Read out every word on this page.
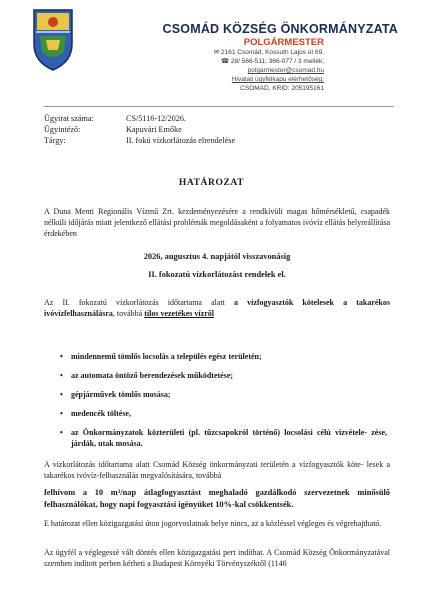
CSOMÁD KÖZSÉG ÖNKORMÁNYZATA
POLGÁRMESTER
✉ 2161 Csomád, Kossuth Lajos út 69.
☎ 28/ 566-511; 366-077 / 3 mellék;
polgarmester@csomad.hu
Hivatali ügyfélkapu elérhetőség:
CSOMAD, KRID: 205195161
Ügyirat száma:	CS/5116-12/2026.
Ügyintéző:	Kapuvári Emőke
Tárgy:	II. fokú vízkorlátozás elrendelése
HATÁROZAT
A Duna Menti Regionális Vízmű Zrt. kezdeményezésére a rendkívüli magas hőmérsékletű, csapadék nélküli időjárás miatt jelentkező ellátási problémák megoldásaként a folyamatos ivóvíz ellátás helyreállítása érdekében
2026, augusztus 4. napjától visszavonásig
II. fokozatú vízkorlátozást rendelek el.
Az II. fokozatú vízkorlátozás időtartama alatt a vízfogyasztók kötelesek a takarékos ivóvízfelhasználásra, továbbá tilos vezetékes vízről
• mindennemű tömlős locsolás a település egész területén;
• az automata öntöző berendezések működtetése;
• gépjárművek tömlős mosása;
• medencék töltése,
• az Önkormányzatok közterületi (pl. tűzcsapokról történő) locsolási célú vízvétele- zése, járdák, utak mosása.
A vízkorlátozás időtartama alatt Csomád Község önkormányzati területén a vízfogyasztók köte- lesek a takarékos ivóvíz-felhasználás megvalósítására, továbbá
felhívom a 10 m³/nap átlagfogyasztást meghaladó gazdálkodó szervezetnek minősülő felhasználókat, hogy napi fogyasztási igényüket 10%-kal csökkentsék.
E határozat ellen közigazgatási úton jogorvoslatnak helye nincs, az a közléssel végleges és végrehajtható.
Az ügyfél a véglegessé vált döntés ellen közigazgatási pert indíthat. A Csomád Község Önkormányzatával szemben indított perben kérheti a Budapest Környéki Törvényszéktől (1146
